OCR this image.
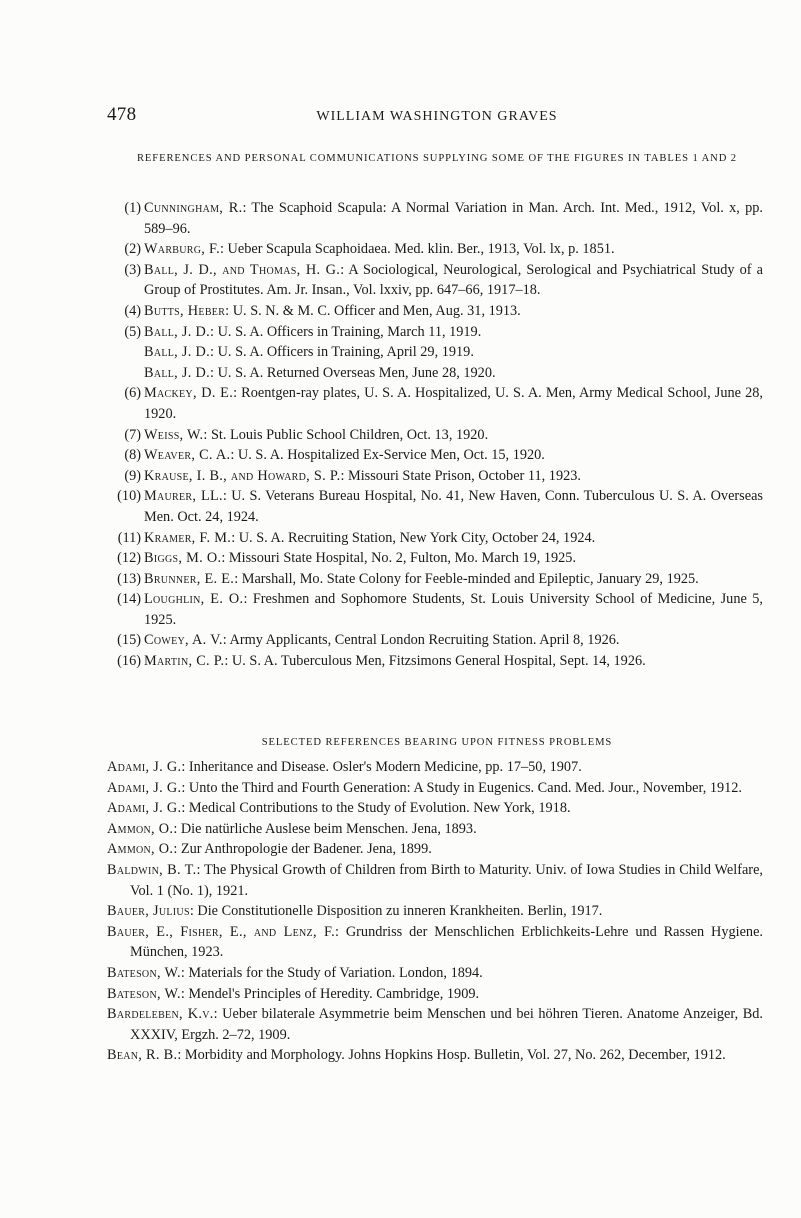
478	WILLIAM WASHINGTON GRAVES
REFERENCES AND PERSONAL COMMUNICATIONS SUPPLYING SOME OF THE FIGURES IN TABLES 1 AND 2

(1) Cunningham, R.: The Scaphoid Scapula: A Normal Variation in Man. Arch. Int. Med., 1912, Vol. x, pp. 589–96.

(2) Warburg, F.: Ueber Scapula Scaphoidaea. Med. klin. Ber., 1913, Vol. lx, p. 1851.

(3) Ball, J. D., and Thomas, H. G.: A Sociological, Neurological, Serological and Psychiatrical Study of a Group of Prostitutes. Am. Jr. Insan., Vol. lxxiv, pp. 647–66, 1917–18.

(4) Butts, Heber: U. S. N. & M. C. Officer and Men, Aug. 31, 1913.

(5) Ball, J. D.: U. S. A. Officers in Training, March 11, 1919.

Ball, J. D.: U. S. A. Officers in Training, April 29, 1919.

Ball, J. D.: U. S. A. Returned Overseas Men, June 28, 1920.

(6) Mackey, D. E.: Roentgen-ray plates, U. S. A. Hospitalized, U. S. A. Men, Army Medical School, June 28, 1920.

(7) Weiss, W.: St. Louis Public School Children, Oct. 13, 1920.

(8) Weaver, C. A.: U. S. A. Hospitalized Ex-Service Men, Oct. 15, 1920.

(9) Krause, I. B., and Howard, S. P.: Missouri State Prison, October 11, 1923.

(10) Maurer, LL.: U. S. Veterans Bureau Hospital, No. 41, New Haven, Conn. Tuberculous U. S. A. Overseas Men. Oct. 24, 1924.

(11) Kramer, F. M.: U. S. A. Recruiting Station, New York City, October 24, 1924.

(12) Biggs, M. O.: Missouri State Hospital, No. 2, Fulton, Mo. March 19, 1925.

(13) Brunner, E. E.: Marshall, Mo. State Colony for Feeble-minded and Epileptic, January 29, 1925.

(14) Loughlin, E. O.: Freshmen and Sophomore Students, St. Louis University School of Medicine, June 5, 1925.

(15) Cowey, A. V.: Army Applicants, Central London Recruiting Station. April 8, 1926.

(16) Martin, C. P.: U. S. A. Tuberculous Men, Fitzsimons General Hospital, Sept. 14, 1926.

SELECTED REFERENCES BEARING UPON FITNESS PROBLEMS

Adami, J. G.: Inheritance and Disease. Osler's Modern Medicine, pp. 17–50, 1907.

Adami, J. G.: Unto the Third and Fourth Generation: A Study in Eugenics. Cand. Med. Jour., November, 1912.

Adami, J. G.: Medical Contributions to the Study of Evolution. New York, 1918.

Ammon, O.: Die natürliche Auslese beim Menschen. Jena, 1893.

Ammon, O.: Zur Anthropologie der Badener. Jena, 1899.

Baldwin, B. T.: The Physical Growth of Children from Birth to Maturity. Univ. of Iowa Studies in Child Welfare, Vol. 1 (No. 1), 1921.

Bauer, Julius: Die Constitutionelle Disposition zu inneren Krankheiten. Berlin, 1917.

Bauer, E., Fisher, E., and Lenz, F.: Grundriss der Menschlichen Erblichkeits-Lehre und Rassen Hygiene. München, 1923.

Bateson, W.: Materials for the Study of Variation. London, 1894.

Bateson, W.: Mendel's Principles of Heredity. Cambridge, 1909.

Bardeleben, K.v.: Ueber bilaterale Asymmetrie beim Menschen und bei höhren Tieren. Anatome Anzeiger, Bd. XXXIV, Ergzh. 2–72, 1909.

Bean, R. B.: Morbidity and Morphology. Johns Hopkins Hosp. Bulletin, Vol. 27, No. 262, December, 1912.
